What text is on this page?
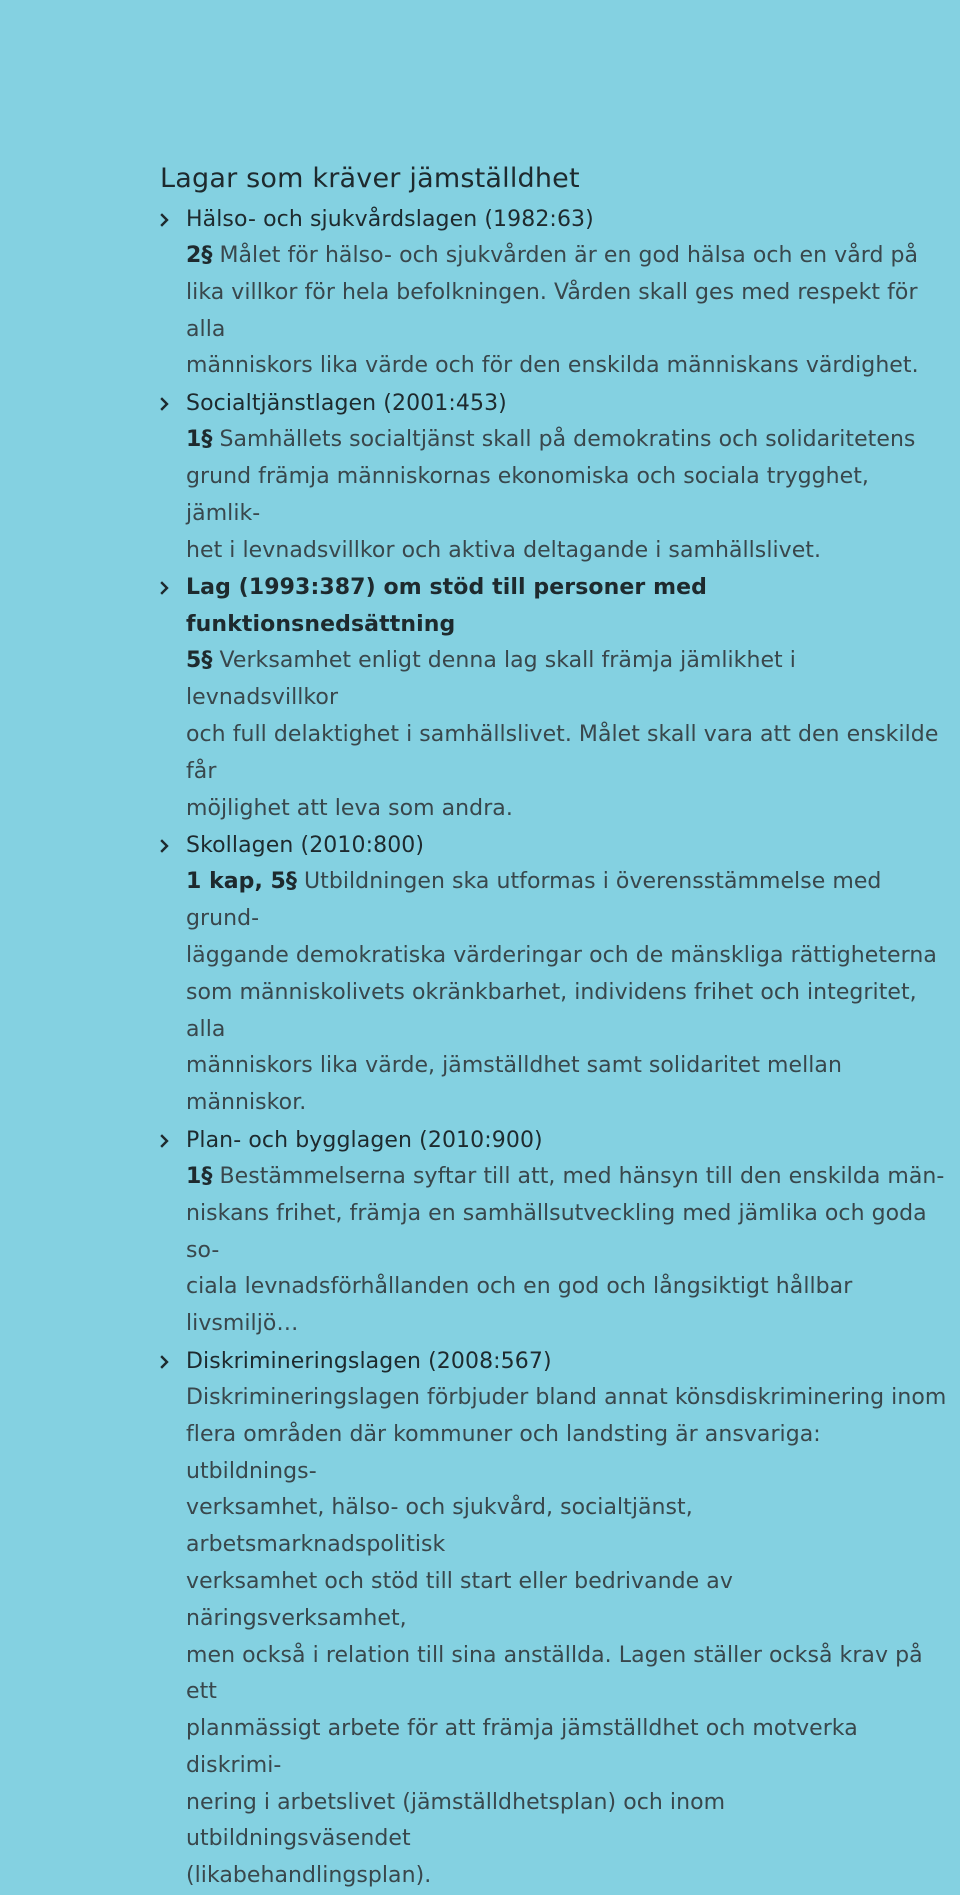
Lagar som kräver jämställdhet

Hälso- och sjukvårdslagen (1982:63)

2§ Målet för hälso- och sjukvården är en god hälsa och en vård på

lika villkor för hela befolkningen. Vården skall ges med respekt för alla

människors lika värde och för den enskilda människans värdighet.

Socialtjänstlagen (2001:453)

1§ Samhällets socialtjänst skall på demokratins och solidaritetens

grund främja människornas ekonomiska och sociala trygghet, jämlik-

het i levnadsvillkor och aktiva deltagande i samhällslivet.

Lag (1993:387) om stöd till personer med funktionsnedsättning

5§ Verksamhet enligt denna lag skall främja jämlikhet i levnadsvillkor

och full delaktighet i samhällslivet. Målet skall vara att den enskilde får

möjlighet att leva som andra.

Skollagen (2010:800)

1 kap, 5§ Utbildningen ska utformas i överensstämmelse med grund-

läggande demokratiska värderingar och de mänskliga rättigheterna

som människolivets okränkbarhet, individens frihet och integritet, alla

människors lika värde, jämställdhet samt solidaritet mellan människor.

Plan- och bygglagen (2010:900)

1§ Bestämmelserna syftar till att, med hänsyn till den enskilda män-

niskans frihet, främja en samhällsutveckling med jämlika och goda so-

ciala levnadsförhållanden och en god och långsiktigt hållbar livsmiljö…

Diskrimineringslagen (2008:567)

Diskrimineringslagen förbjuder bland annat könsdiskriminering inom

flera områden där kommuner och landsting är ansvariga: utbildnings-

verksamhet, hälso- och sjukvård, socialtjänst, arbetsmarknadspolitisk

verksamhet och stöd till start eller bedrivande av näringsverksamhet,

men också i relation till sina anställda. Lagen ställer också krav på ett

planmässigt arbete för att främja jämställdhet och motverka diskrimi-

nering i arbetslivet (jämställdhetsplan) och inom utbildningsväsendet

(likabehandlingsplan).
